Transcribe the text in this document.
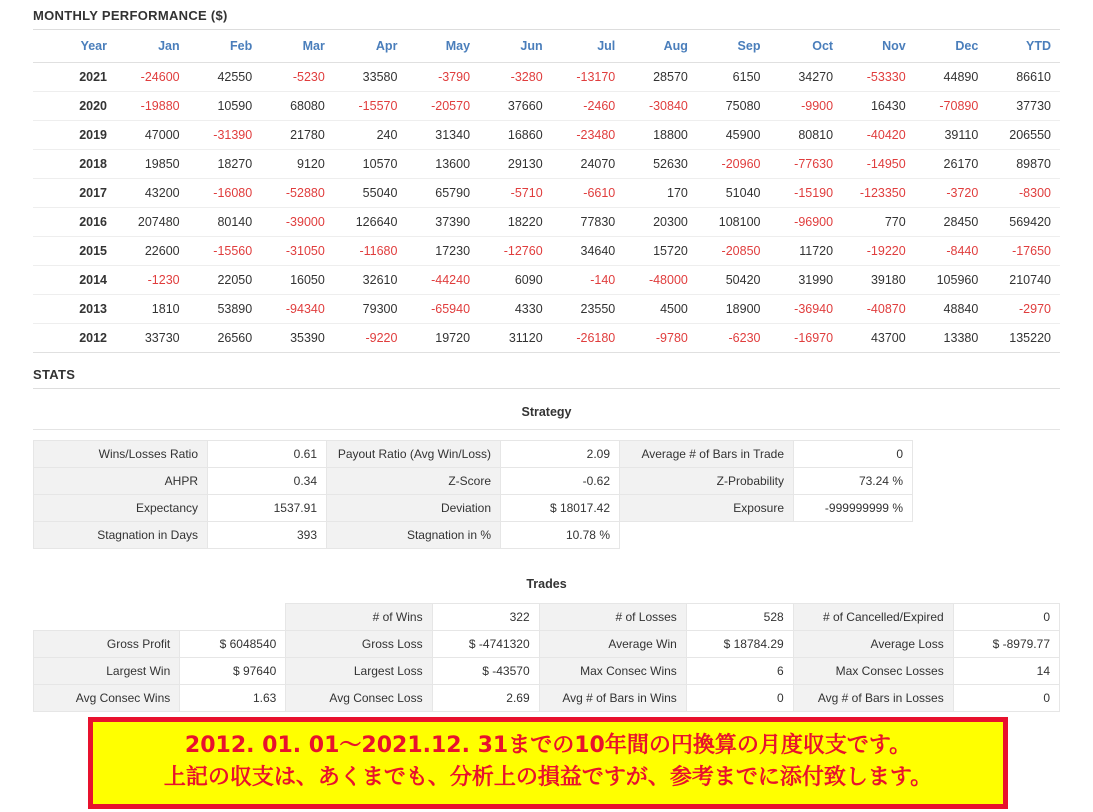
MONTHLY PERFORMANCE ($)
Year	Jan	Feb	Mar	Apr	May	Jun	Jul	Aug	Sep	Oct	Nov	Dec	YTD
2021	-24600	42550	-5230	33580	-3790	-3280	-13170	28570	6150	34270	-53330	44890	86610
2020	-19880	10590	68080	-15570	-20570	37660	-2460	-30840	75080	-9900	16430	-70890	37730
2019	47000	-31390	21780	240	31340	16860	-23480	18800	45900	80810	-40420	39110	206550
2018	19850	18270	9120	10570	13600	29130	24070	52630	-20960	-77630	-14950	26170	89870
2017	43200	-16080	-52880	55040	65790	-5710	-6610	170	51040	-15190	-123350	-3720	-8300
2016	207480	80140	-39000	126640	37390	18220	77830	20300	108100	-96900	770	28450	569420
2015	22600	-15560	-31050	-11680	17230	-12760	34640	15720	-20850	11720	-19220	-8440	-17650
2014	-1230	22050	16050	32610	-44240	6090	-140	-48000	50420	31990	39180	105960	210740
2013	1810	53890	-94340	79300	-65940	4330	23550	4500	18900	-36940	-40870	48840	-2970
2012	33730	26560	35390	-9220	19720	31120	-26180	-9780	-6230	-16970	43700	13380	135220
STATS
Strategy
Wins/Losses Ratio	0.61	Payout Ratio (Avg Win/Loss)	2.09	Average # of Bars in Trade	0
AHPR	0.34	Z-Score	-0.62	Z-Probability	73.24 %
Expectancy	1537.91	Deviation	$ 18017.42	Exposure	-999999999 %
Stagnation in Days	393	Stagnation in %	10.78 %		
Trades
		# of Wins	322	# of Losses	528	# of Cancelled/Expired	0
Gross Profit	$ 6048540	Gross Loss	$ -4741320	Average Win	$ 18784.29	Average Loss	$ -8979.77
Largest Win	$ 97640	Largest Loss	$ -43570	Max Consec Wins	6	Max Consec Losses	14
Avg Consec Wins	1.63	Avg Consec Loss	2.69	Avg # of Bars in Wins	0	Avg # of Bars in Losses	0
2012. 01. 01〜2021.12. 31までの10年間の円換算の月度収支です。
上記の収支は、あくまでも、分析上の損益ですが、参考までに添付致します。
